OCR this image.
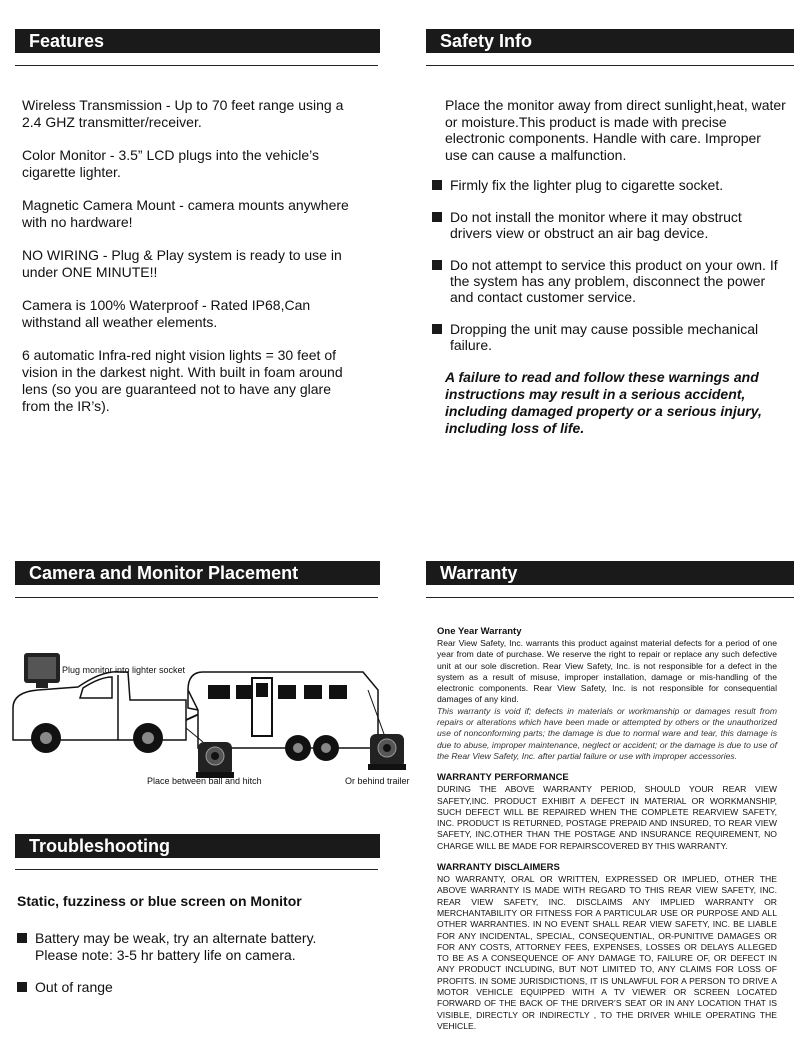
Features

Wireless Transmission - Up to 70 feet range using a 2.4 GHZ transmitter/receiver.

Color Monitor - 3.5” LCD plugs into the vehicle’s cigarette lighter.

Magnetic Camera Mount - camera mounts anywhere with no hardware!

NO WIRING - Plug & Play system is ready to use in under ONE MINUTE!!

Camera is 100% Waterproof - Rated IP68,Can withstand all weather elements.

6 automatic Infra-red night vision lights = 30 feet of vision in the darkest night. With built in foam around lens (so you are guaranteed not to have any glare from the IR’s).

Safety Info
Place the monitor away from direct sunlight,heat, water or moisture.This product is made with precise electronic components. Handle with care. Improper use can cause a malfunction.
Firmly fix the lighter plug to cigarette socket.
Do not install the monitor where it may obstruct drivers view or obstruct an air bag device.
Do not attempt to service this product on your own. If the system has any problem, disconnect the power and contact customer service.
Dropping the unit may cause possible mechanical failure.
A failure to read and follow these warnings and instructions may result in a serious accident, including damaged property or a serious injury, including loss of life.
Camera and Monitor Placement
Plug monitor into lighter socket
Place between ball and hitch	Or behind trailer
Troubleshooting
Static, fuzziness or blue screen on Monitor
Battery may be weak, try an alternate battery. Please note: 3-5 hr battery life on camera.
Out of range
Warranty
One Year Warranty
Rear View Safety, Inc. warrants this product against material defects for a period of one year from date of purchase. We reserve the right to repair or replace any such defective unit at our sole discretion. Rear View Safety, Inc. is not responsible for a defect in the system as a result of misuse, improper installation, damage or mis-handling of the electronic components. Rear View Safety, Inc. is not responsible for consequential damages of any kind.
This warranty is void if; defects in materials or workmanship or damages result from repairs or alterations which have been made or attempted by others or the unauthorized use of nonconforming parts; the damage is due to normal ware and tear, this damage is due to abuse, improper maintenance, neglect or accident; or the damage is due to use of the Rear View Safety, Inc. after partial failure or use with improper accessories.
WARRANTY PERFORMANCE
DURING THE ABOVE WARRANTY PERIOD, SHOULD YOUR REAR VIEW SAFETY,INC. PRODUCT EXHIBIT A DEFECT IN MATERIAL OR WORKMANSHIP, SUCH DEFECT WILL BE REPAIRED WHEN THE COMPLETE REARVIEW SAFETY, INC. PRODUCT IS RETURNED, POSTAGE PREPAID AND INSURED, TO REAR VIEW SAFETY, INC.OTHER THAN THE POSTAGE AND INSURANCE REQUIREMENT, NO CHARGE WILL BE MADE FOR REPAIRSCOVERED BY THIS WARRANTY.
WARRANTY DISCLAIMERS
NO WARRANTY, ORAL OR WRITTEN, EXPRESSED OR IMPLIED, OTHER THE ABOVE WARRANTY IS MADE WITH REGARD TO THIS REAR VIEW SAFETY, INC. REAR VIEW SAFETY, INC. DISCLAIMS ANY IMPLIED WARRANTY OR MERCHANTABILITY OR FITNESS FOR A PARTICULAR USE OR PURPOSE AND ALL OTHER WARRANTIES. IN NO EVENT SHALL REAR VIEW SAFETY, INC. BE LIABLE FOR ANY INCIDENTAL, SPECIAL, CONSEQUENTIAL, OR-PUNITIVE DAMAGES OR FOR ANY COSTS, ATTORNEY FEES, EXPENSES, LOSSES OR DELAYS ALLEGED TO BE AS A CONSEQUENCE OF ANY DAMAGE TO, FAILURE OF, OR DEFECT IN ANY PRODUCT INCLUDING, BUT NOT LIMITED TO, ANY CLAIMS FOR LOSS OF PROFITS. IN SOME JURISDICTIONS, IT IS UNLAWFUL FOR A PERSON TO DRIVE A MOTOR VEHICLE EQUIPPED WITH A TV VIEWER OR SCREEN LOCATED FORWARD OF THE BACK OF THE DRIVER’S SEAT OR IN ANY LOCATION THAT IS VISIBLE, DIRECTLY OR INDIRECTLY , TO THE DRIVER WHILE OPERATING THE VEHICLE.
